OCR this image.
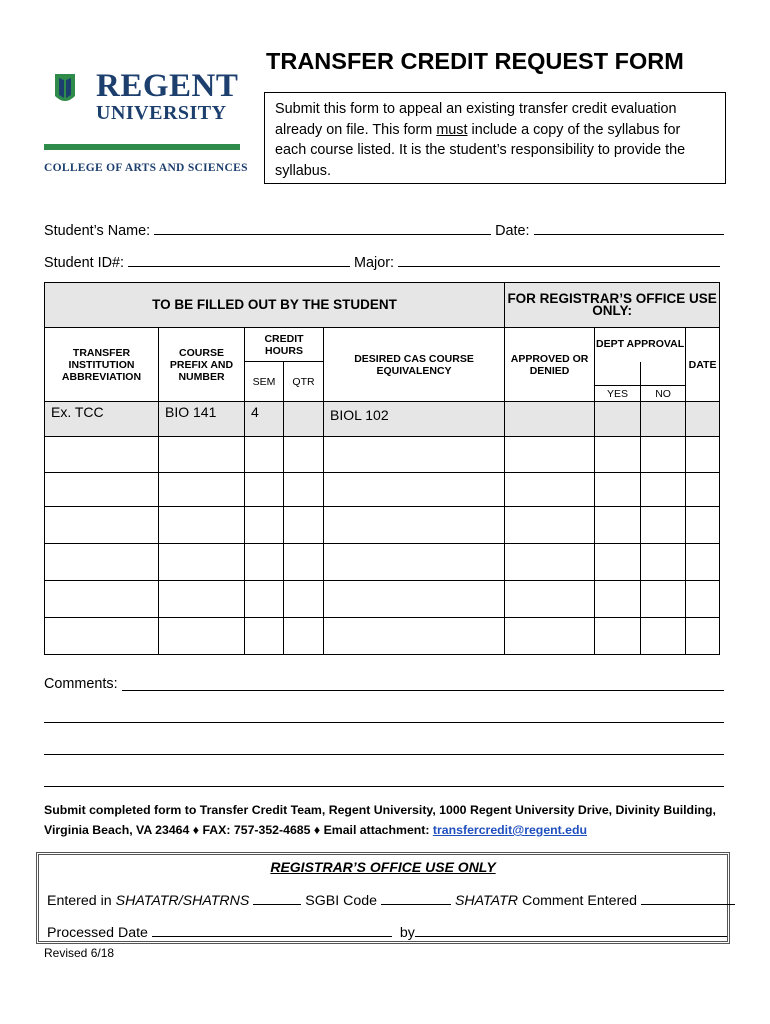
REGENT
UNIVERSITY
COLLEGE OF ARTS AND SCIENCES
TRANSFER CREDIT REQUEST FORM
Submit this form to appeal an existing transfer credit evaluation already on file. This form must include a copy of the syllabus for each course listed. It is the student’s responsibility to provide the syllabus.
Student’s Name:	Date:
Student ID#:	Major:
TO BE FILLED OUT BY THE STUDENT					FOR REGISTRAR’S OFFICE USE ONLY:			
TRANSFER INSTITUTION ABBREVIATION	COURSE PREFIX AND NUMBER	CREDIT HOURS		DESIRED CAS COURSE EQUIVALENCY	APPROVED OR DENIED	DEPT APPROVAL		DATE
		SEM	QTR			YES	NO	

Ex. TCC	BIO 141	4		BIOL 102				

Comments:
Submit completed form to Transfer Credit Team, Regent University, 1000 Regent University Drive, Divinity Building, Virginia Beach, VA 23464 ♦ FAX: 757-352-4685 ♦ Email attachment: transfercredit@regent.edu
REGISTRAR’S OFFICE USE ONLY
Entered in SHATATR/SHATRNS	SGBI Code	SHATATR Comment Entered
Processed Date	by
Revised 6/18
